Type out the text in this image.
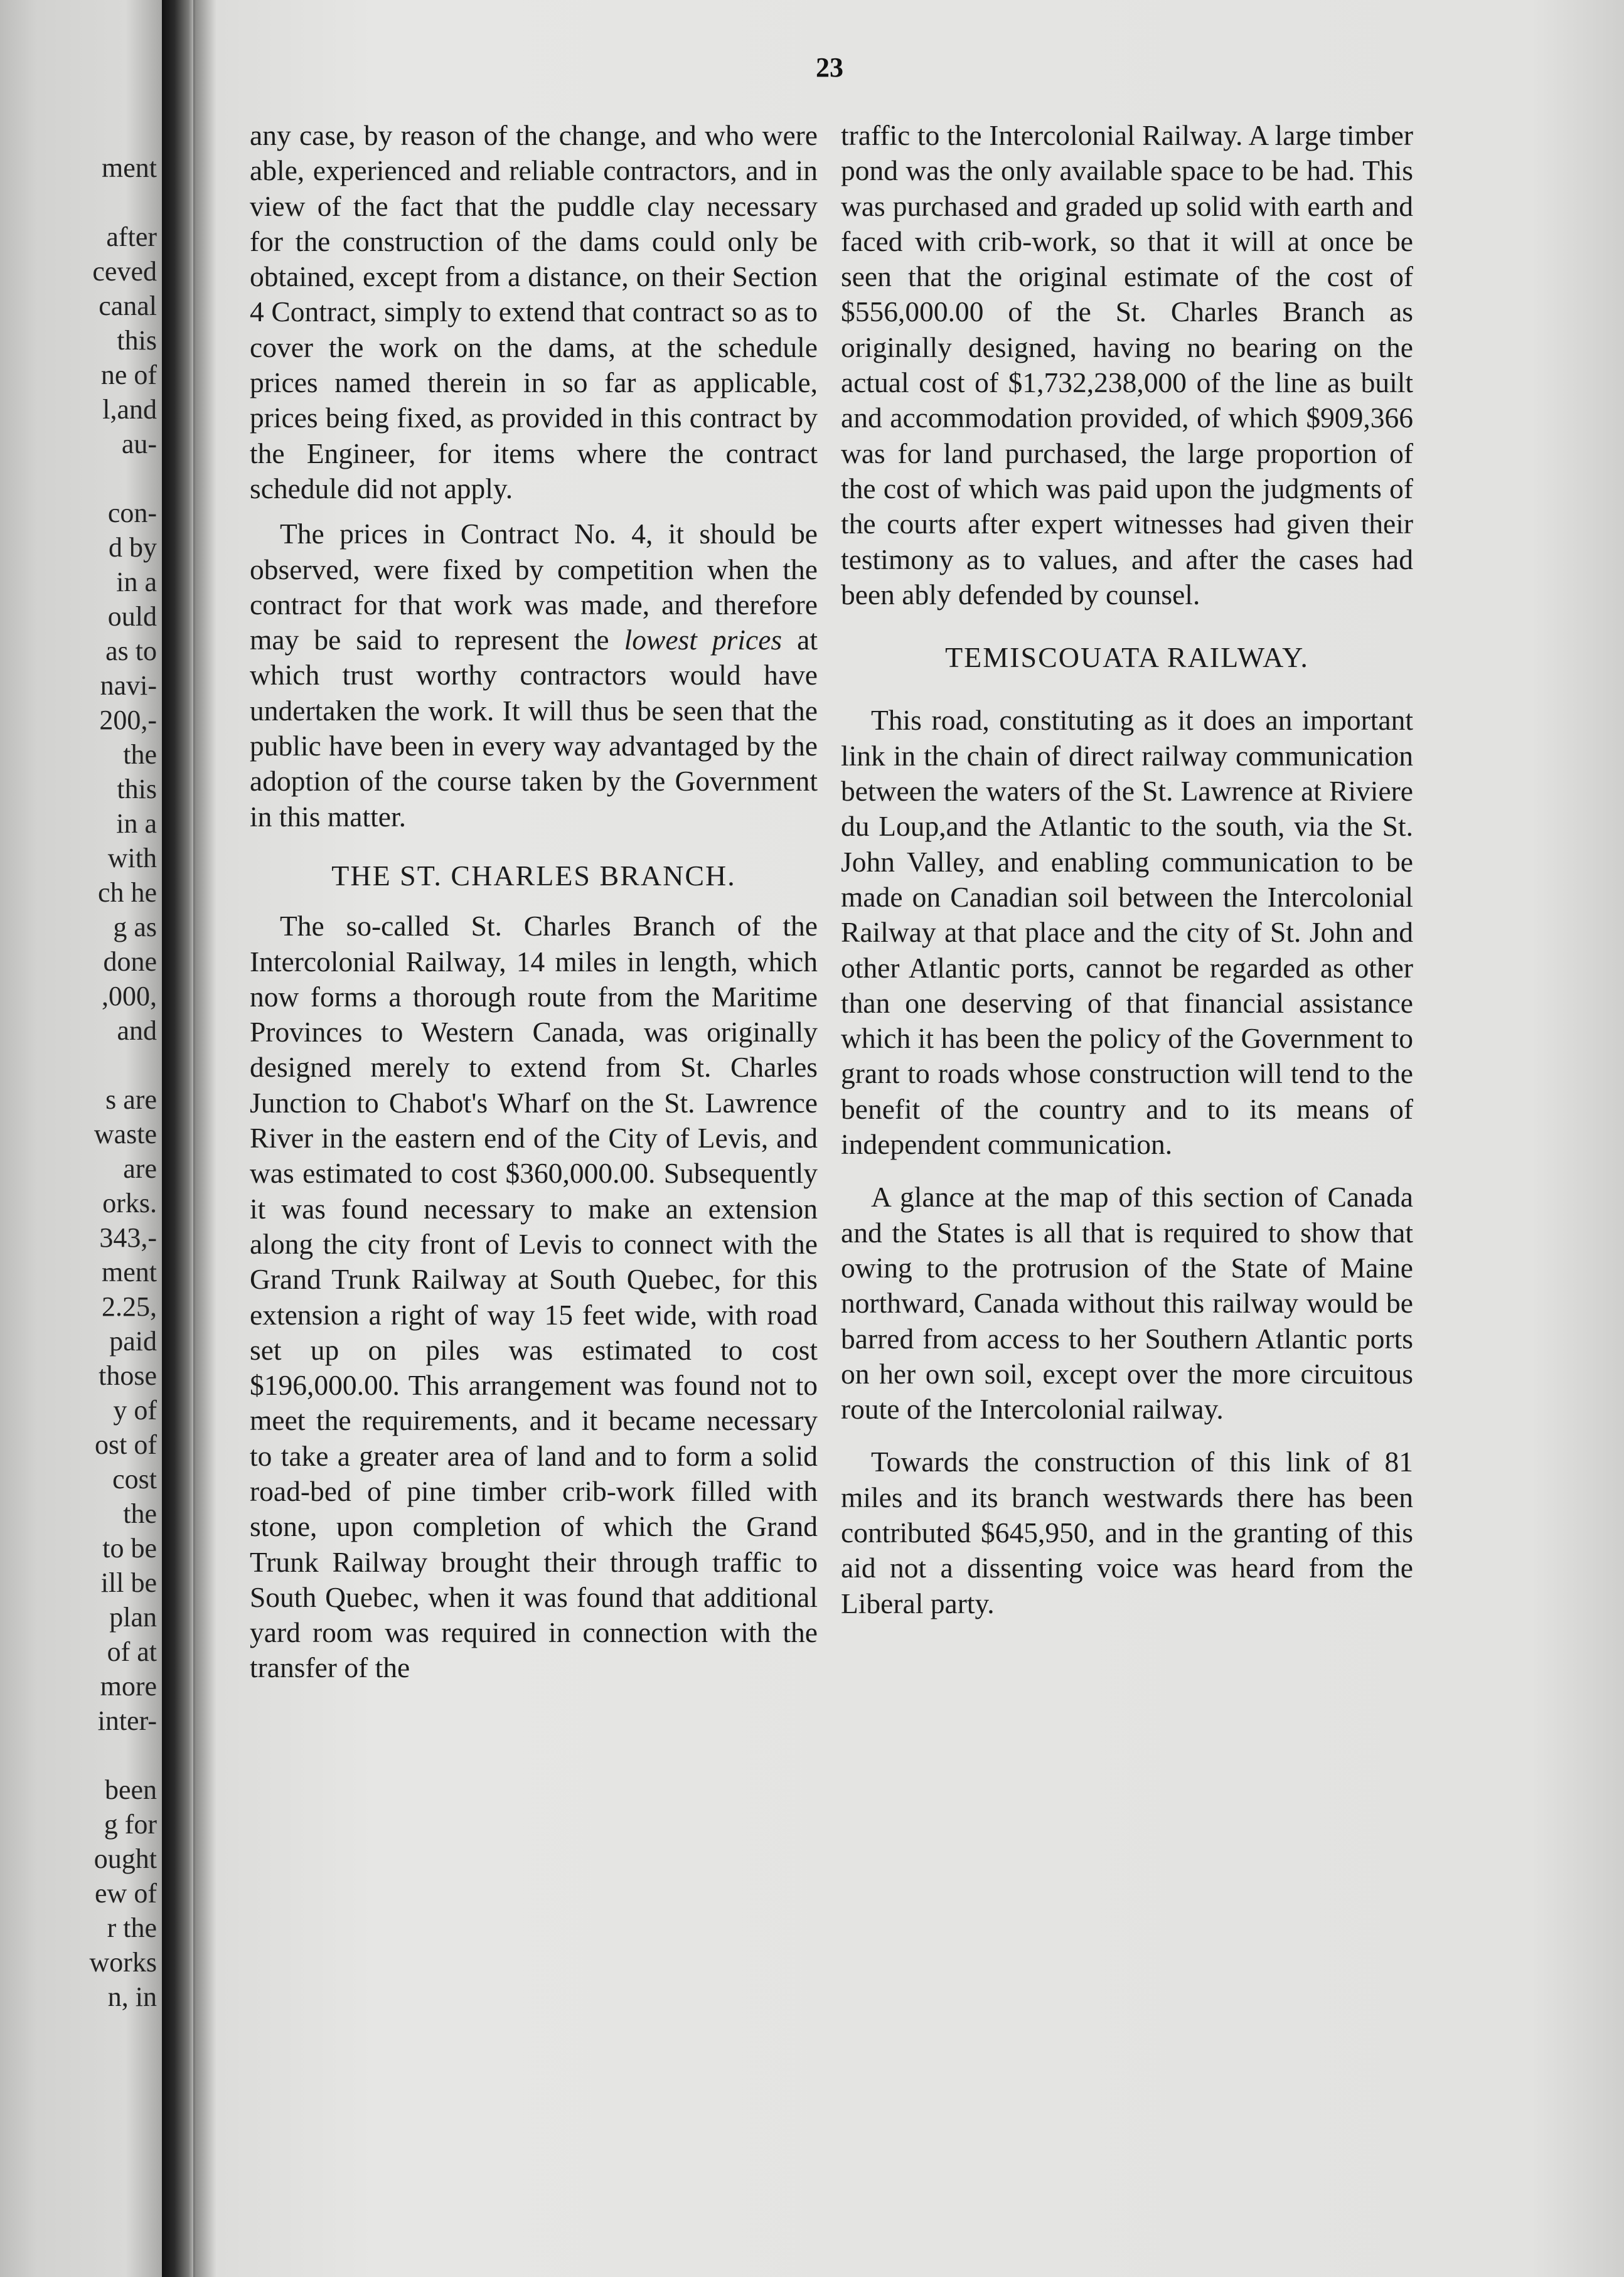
ment
after
ceved
canal
this
ne of
l,and
au-
con-
d by
in a
ould
as to
navi-
200,-
the
this
in a
with
ch he
g as
done
,000,
and
s are
waste
are
orks.
343,-
ment
2.25,
paid
those
y of
ost of
cost
the
to be
ill be
plan
of at
more
inter-
been
g for
ought
ew of
r the
works
n, in
23

any case, by reason of the change, and who were able, experienced and reliable contractors, and in view of the fact that the puddle clay necessary for the construction of the dams could only be obtained, except from a distance, on their Section 4 Contract, simply to extend that contract so as to cover the work on the dams, at the schedule prices named therein in so far as applicable, prices being fixed, as provided in this contract by the Engineer, for items where the contract schedule did not apply.

The prices in Contract No. 4, it should be observed, were fixed by competition when the contract for that work was made, and therefore may be said to represent the lowest prices at which trust worthy contractors would have undertaken the work. It will thus be seen that the public have been in every way advantaged by the adoption of the course taken by the Government in this matter.

THE ST. CHARLES BRANCH.

The so-called St. Charles Branch of the Intercolonial Railway, 14 miles in length, which now forms a thorough route from the Maritime Provinces to Western Canada, was originally designed merely to extend from St. Charles Junction to Chabot's Wharf on the St. Lawrence River in the eastern end of the City of Levis, and was estimated to cost $360,000.00. Subsequently it was found necessary to make an extension along the city front of Levis to connect with the Grand Trunk Railway at South Quebec, for this extension a right of way 15 feet wide, with road set up on piles was estimated to cost $196,000.00. This arrangement was found not to meet the requirements, and it became necessary to take a greater area of land and to form a solid road-bed of pine timber crib-work filled with stone, upon completion of which the Grand Trunk Railway brought their through traffic to South Quebec, when it was found that additional yard room was required in connection with the transfer of the

traffic to the Intercolonial Railway. A large timber pond was the only available space to be had. This was purchased and graded up solid with earth and faced with crib-work, so that it will at once be seen that the original estimate of the cost of $556,000.00 of the St. Charles Branch as originally designed, having no bearing on the actual cost of $1,732,238,000 of the line as built and accommodation provided, of which $909,366 was for land purchased, the large proportion of the cost of which was paid upon the judgments of the courts after expert witnesses had given their testimony as to values, and after the cases had been ably defended by counsel.

TEMISCOUATA RAILWAY.

This road, constituting as it does an important link in the chain of direct railway communication between the waters of the St. Lawrence at Riviere du Loup,and the Atlantic to the south, via the St. John Valley, and enabling communication to be made on Canadian soil between the Intercolonial Railway at that place and the city of St. John and other Atlantic ports, cannot be regarded as other than one deserving of that financial assistance which it has been the policy of the Government to grant to roads whose construction will tend to the benefit of the country and to its means of independent communication.

A glance at the map of this section of Canada and the States is all that is required to show that owing to the protrusion of the State of Maine northward, Canada without this railway would be barred from access to her Southern Atlantic ports on her own soil, except over the more circuitous route of the Intercolonial railway.

Towards the construction of this link of 81 miles and its branch westwards there has been contributed $645,950, and in the granting of this aid not a dissenting voice was heard from the Liberal party.
